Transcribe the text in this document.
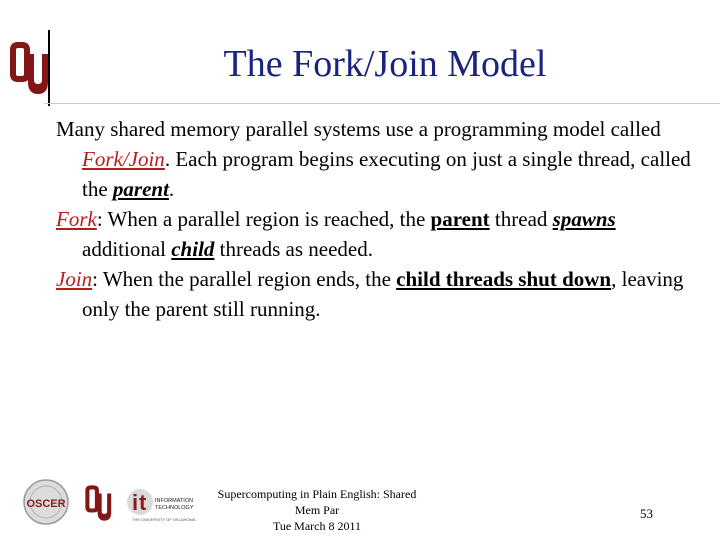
The Fork/Join Model

Many shared memory parallel systems use a programming model called Fork/Join. Each program begins executing on just a single thread, called the parent.

Fork: When a parallel region is reached, the parent thread spawns additional child threads as needed.

Join: When the parallel region ends, the child threads shut down, leaving only the parent still running.

OSCER	i t INFORMATION
TECHNOLOGY
THE UNIVERSITY OF OKLAHOMA
Supercomputing in Plain English: Shared Mem Par
Tue March 8 2011
53
